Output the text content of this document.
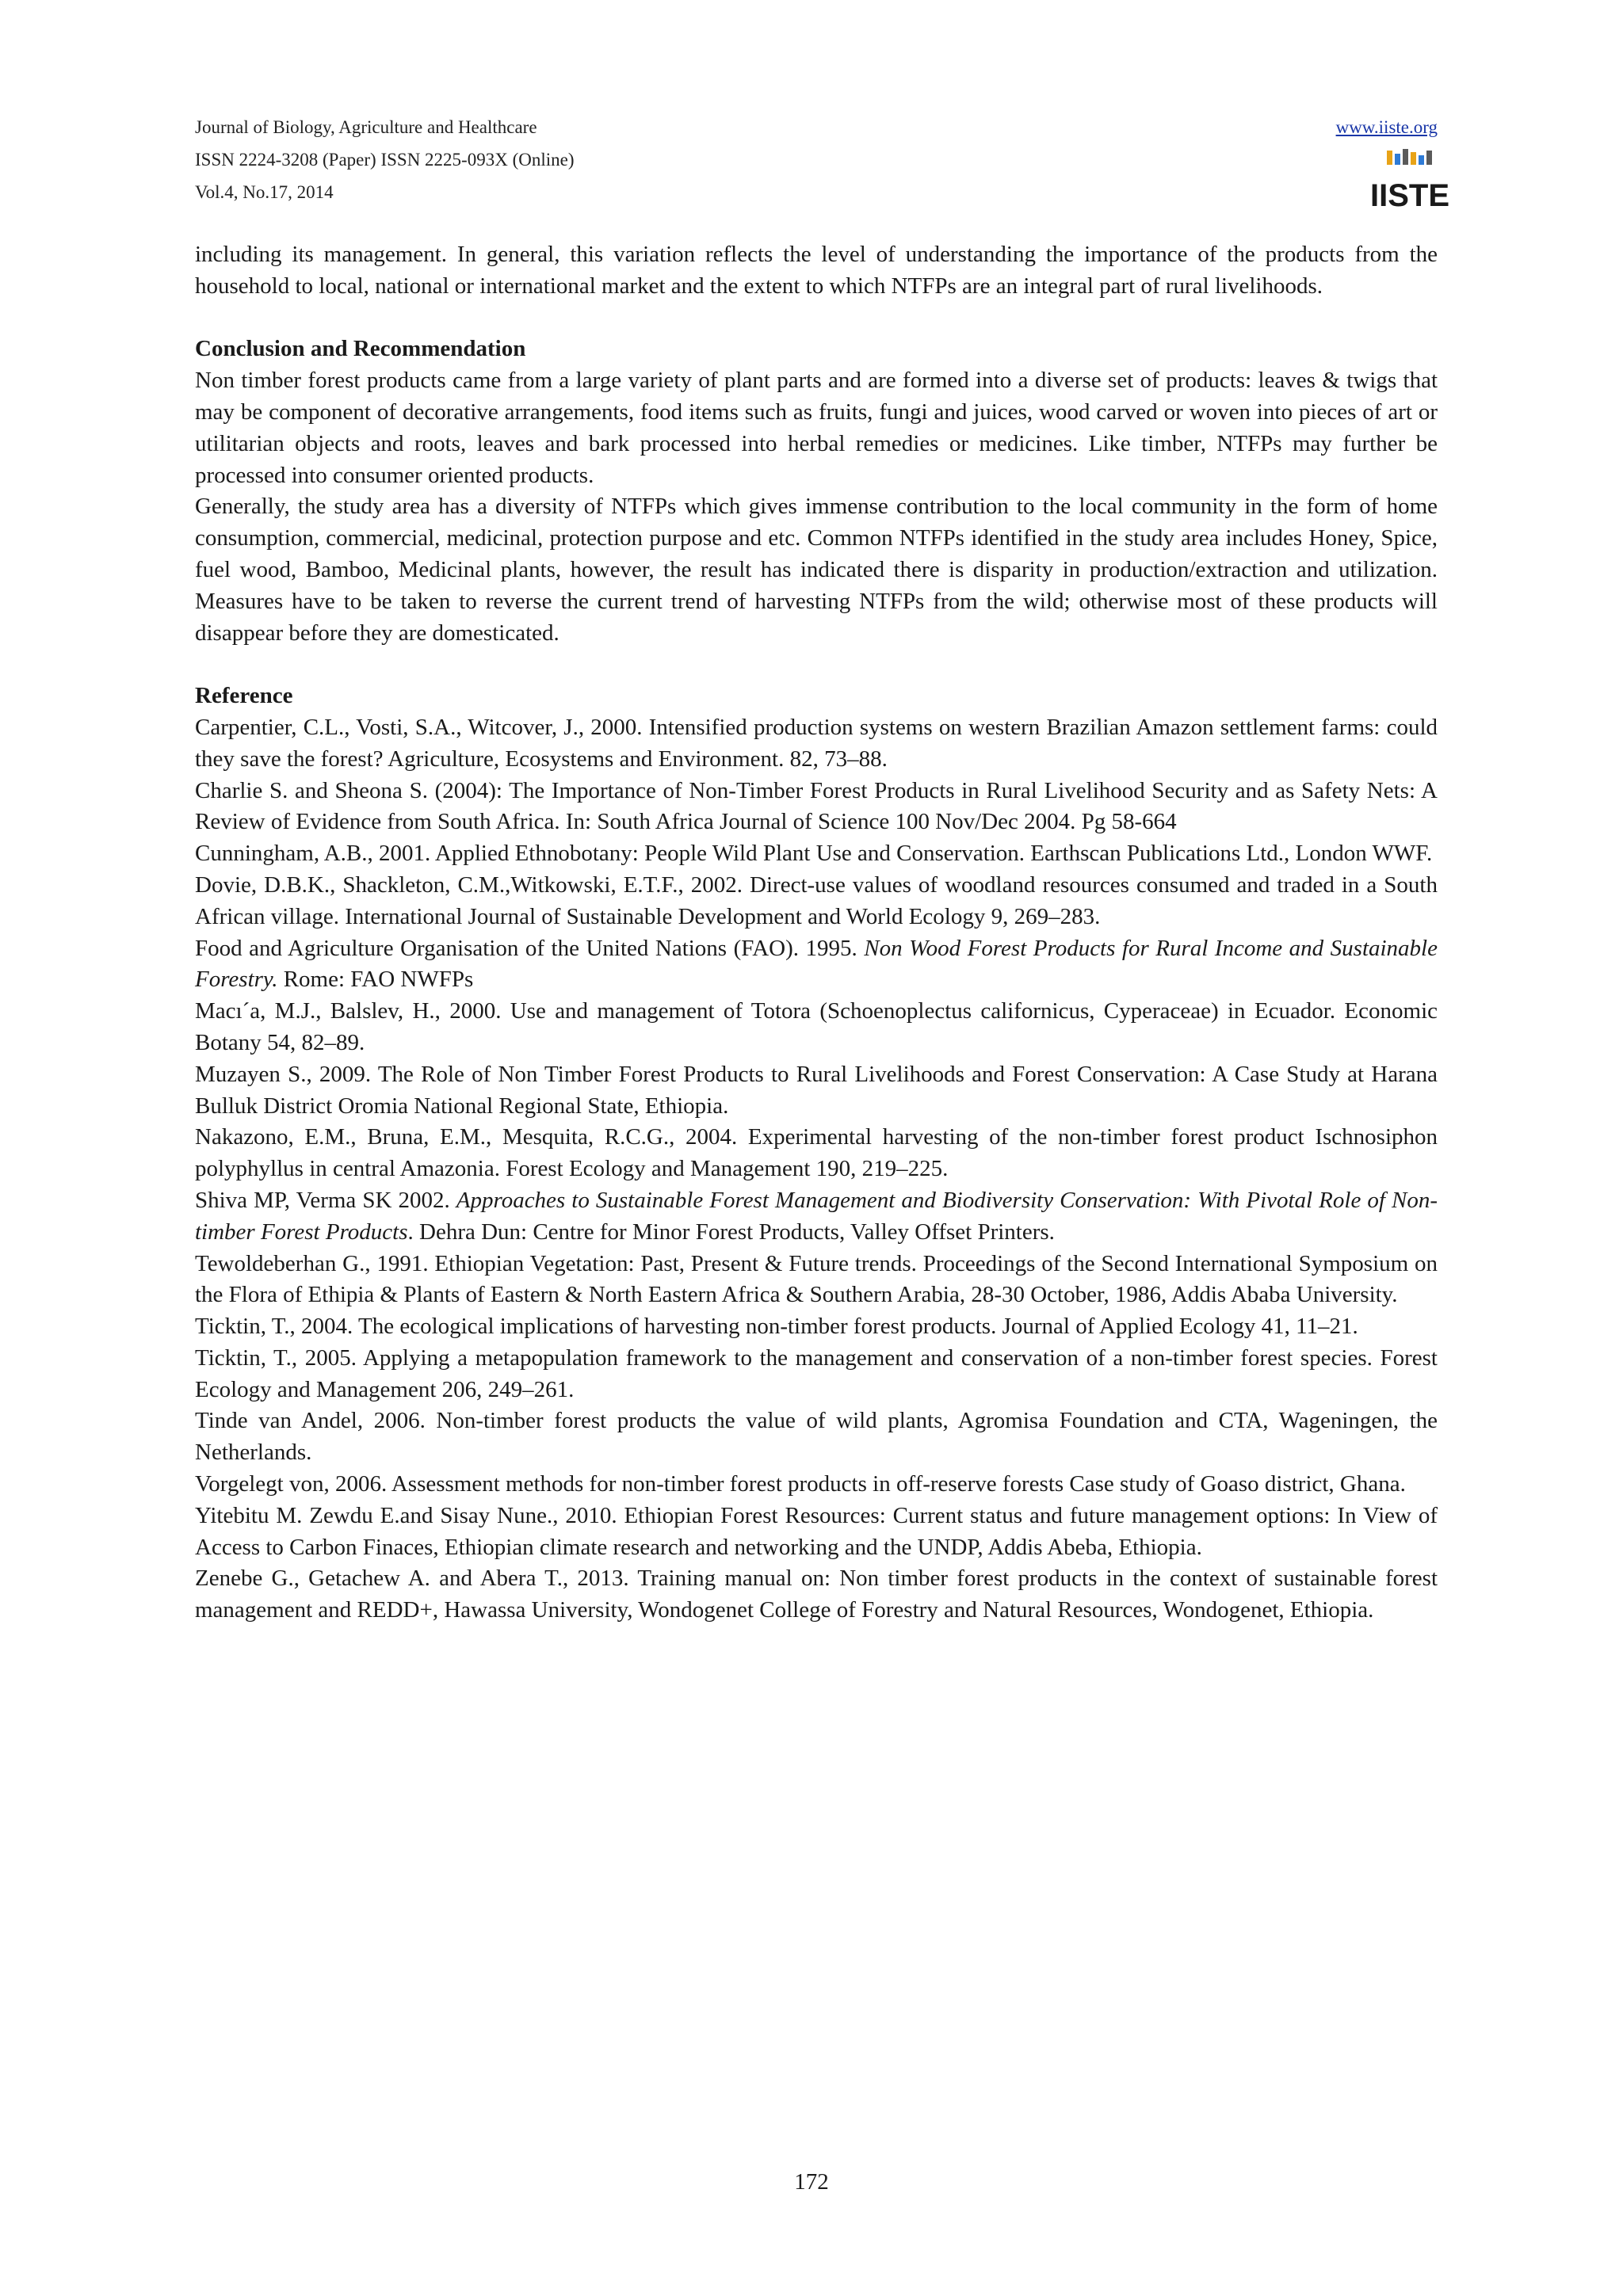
Journal of Biology, Agriculture and Healthcare
ISSN 2224-3208 (Paper) ISSN 2225-093X (Online)
Vol.4, No.17, 2014
www.iiste.org
IISTE

including its management. In general, this variation reflects the level of understanding the importance of the products from the household to local, national or international market and the extent to which NTFPs are an integral part of rural livelihoods.

Conclusion and Recommendation

Non timber forest products came from a large variety of plant parts and are formed into a diverse set of products: leaves & twigs that may be component of decorative arrangements, food items such as fruits, fungi and juices, wood carved or woven into pieces of art or utilitarian objects and roots, leaves and bark processed into herbal remedies or medicines. Like timber, NTFPs may further be processed into consumer oriented products.

Generally, the study area has a diversity of NTFPs which gives immense contribution to the local community in the form of home consumption, commercial, medicinal, protection purpose and etc. Common NTFPs identified in the study area includes Honey, Spice, fuel wood, Bamboo, Medicinal plants, however, the result has indicated there is disparity in production/extraction and utilization. Measures have to be taken to reverse the current trend of harvesting NTFPs from the wild; otherwise most of these products will disappear before they are domesticated.

Reference

Carpentier, C.L., Vosti, S.A., Witcover, J., 2000. Intensified production systems on western Brazilian Amazon settlement farms: could they save the forest? Agriculture, Ecosystems and Environment. 82, 73–88.

Charlie S. and Sheona S. (2004): The Importance of Non-Timber Forest Products in Rural Livelihood Security and as Safety Nets: A Review of Evidence from South Africa. In: South Africa Journal of Science 100 Nov/Dec 2004. Pg 58-664

Cunningham, A.B., 2001. Applied Ethnobotany: People Wild Plant Use and Conservation. Earthscan Publications Ltd., London WWF.

Dovie, D.B.K., Shackleton, C.M.,Witkowski, E.T.F., 2002. Direct-use values of woodland resources consumed and traded in a South African village. International Journal of Sustainable Development and World Ecology 9, 269–283.

Food and Agriculture Organisation of the United Nations (FAO). 1995. Non Wood Forest Products for Rural Income and Sustainable Forestry. Rome: FAO NWFPs

Macı´a, M.J., Balslev, H., 2000. Use and management of Totora (Schoenoplectus californicus, Cyperaceae) in Ecuador. Economic Botany 54, 82–89.

Muzayen S., 2009. The Role of Non Timber Forest Products to Rural Livelihoods and Forest Conservation: A Case Study at Harana Bulluk District Oromia National Regional State, Ethiopia.

Nakazono, E.M., Bruna, E.M., Mesquita, R.C.G., 2004. Experimental harvesting of the non-timber forest product Ischnosiphon polyphyllus in central Amazonia. Forest Ecology and Management 190, 219–225.

Shiva MP, Verma SK 2002. Approaches to Sustainable Forest Management and Biodiversity Conservation: With Pivotal Role of Non-timber Forest Products. Dehra Dun: Centre for Minor Forest Products, Valley Offset Printers.

Tewoldeberhan G., 1991. Ethiopian Vegetation: Past, Present & Future trends. Proceedings of the Second International Symposium on the Flora of Ethipia & Plants of Eastern & North Eastern Africa & Southern Arabia, 28-30 October, 1986, Addis Ababa University.

Ticktin, T., 2004. The ecological implications of harvesting non-timber forest products. Journal of Applied Ecology 41, 11–21.

Ticktin, T., 2005. Applying a metapopulation framework to the management and conservation of a non-timber forest species. Forest Ecology and Management 206, 249–261.

Tinde van Andel, 2006. Non-timber forest products the value of wild plants, Agromisa Foundation and CTA, Wageningen, the Netherlands.

Vorgelegt von, 2006. Assessment methods for non-timber forest products in off-reserve forests Case study of Goaso district, Ghana.

Yitebitu M. Zewdu E.and Sisay Nune., 2010. Ethiopian Forest Resources: Current status and future management options: In View of Access to Carbon Finaces, Ethiopian climate research and networking and the UNDP, Addis Abeba, Ethiopia.

Zenebe G., Getachew A. and Abera T., 2013. Training manual on: Non timber forest products in the context of sustainable forest management and REDD+, Hawassa University, Wondogenet College of Forestry and Natural Resources, Wondogenet, Ethiopia.

172
